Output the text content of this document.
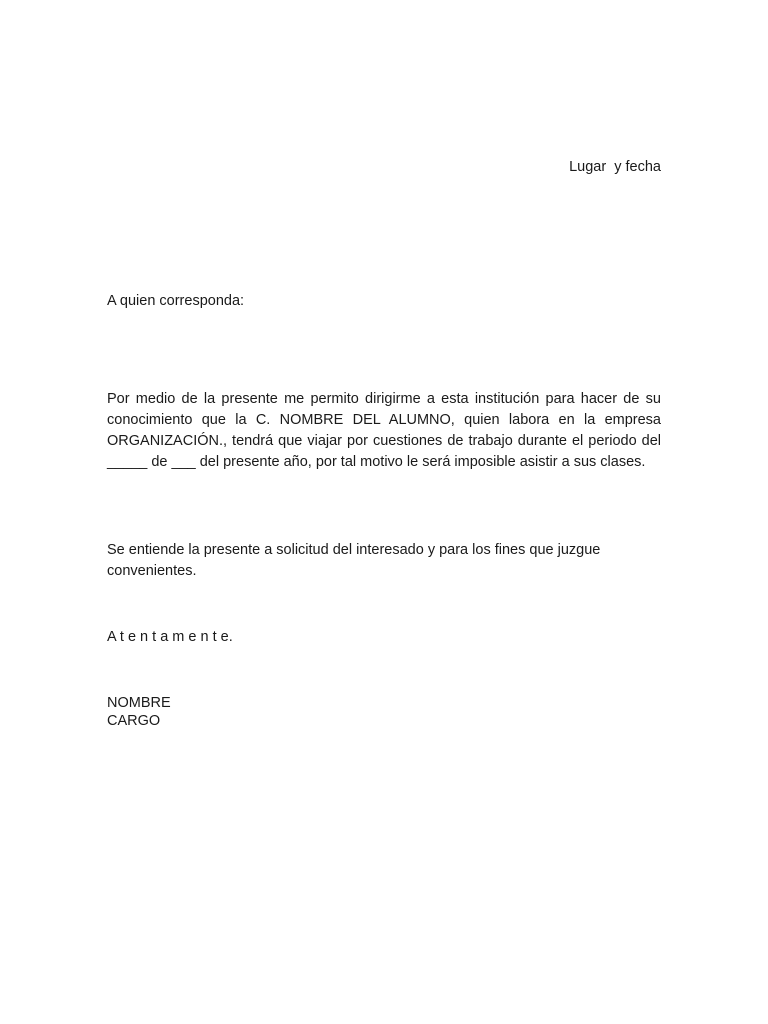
Lugar  y fecha
A quien corresponda:

Por medio de la presente me permito dirigirme a esta institución para hacer de su conocimiento que la C. NOMBRE DEL ALUMNO, quien labora en la empresa ORGANIZACIÓN., tendrá que viajar por cuestiones de trabajo durante el periodo del _____ de ___ del presente año, por tal motivo le será imposible asistir a sus clases.

Se entiende la presente a solicitud del interesado y para los fines que juzgue convenientes.

A t e n t a m e n t e.
NOMBRE
CARGO
